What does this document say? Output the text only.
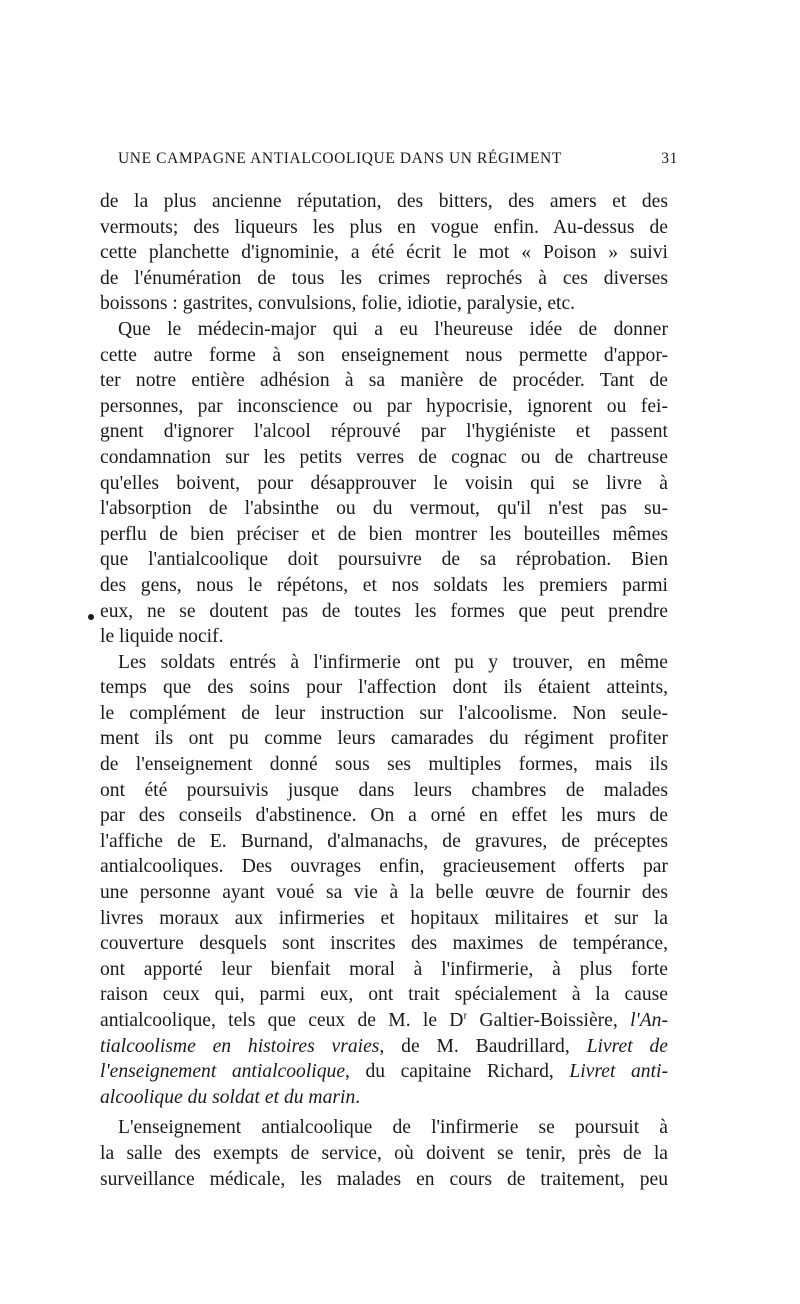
UNE CAMPAGNE ANTIALCOOLIQUE DANS UN RÉGIMENT	31
de la plus ancienne réputation, des bitters, des amers et des
vermouts; des liqueurs les plus en vogue enfin. Au-dessus de
cette planchette d'ignominie, a été écrit le mot « Poison » suivi
de l'énumération de tous les crimes reprochés à ces diverses
boissons : gastrites, convulsions, folie, idiotie, paralysie, etc.
Que le médecin-major qui a eu l'heureuse idée de donner
cette autre forme à son enseignement nous permette d'appor-
ter notre entière adhésion à sa manière de procéder. Tant de
personnes, par inconscience ou par hypocrisie, ignorent ou fei-
gnent d'ignorer l'alcool réprouvé par l'hygiéniste et passent
condamnation sur les petits verres de cognac ou de chartreuse
qu'elles boivent, pour désapprouver le voisin qui se livre à
l'absorption de l'absinthe ou du vermout, qu'il n'est pas su-
perflu de bien préciser et de bien montrer les bouteilles mêmes
que l'antialcoolique doit poursuivre de sa réprobation. Bien
des gens, nous le répétons, et nos soldats les premiers parmi
eux, ne se doutent pas de toutes les formes que peut prendre
le liquide nocif.
Les soldats entrés à l'infirmerie ont pu y trouver, en même
temps que des soins pour l'affection dont ils étaient atteints,
le complément de leur instruction sur l'alcoolisme. Non seule-
ment ils ont pu comme leurs camarades du régiment profiter
de l'enseignement donné sous ses multiples formes, mais ils
ont été poursuivis jusque dans leurs chambres de malades
par des conseils d'abstinence. On a orné en effet les murs de
l'affiche de E. Burnand, d'almanachs, de gravures, de préceptes
antialcooliques. Des ouvrages enfin, gracieusement offerts par
une personne ayant voué sa vie à la belle œuvre de fournir des
livres moraux aux infirmeries et hopitaux militaires et sur la
couverture desquels sont inscrites des maximes de tempérance,
ont apporté leur bienfait moral à l'infirmerie, à plus forte
raison ceux qui, parmi eux, ont trait spécialement à la cause
antialcoolique, tels que ceux de M. le $D^r$ Galtier-Boissière, l'An-
tialcoolisme en histoires vraies, de M. Baudrillard, Livret de
l'enseignement antialcoolique, du capitaine Richard, Livret anti-
alcoolique du soldat et du marin.
L'enseignement antialcoolique de l'infirmerie se poursuit à
la salle des exempts de service, où doivent se tenir, près de la
surveillance médicale, les malades en cours de traitement, peu
